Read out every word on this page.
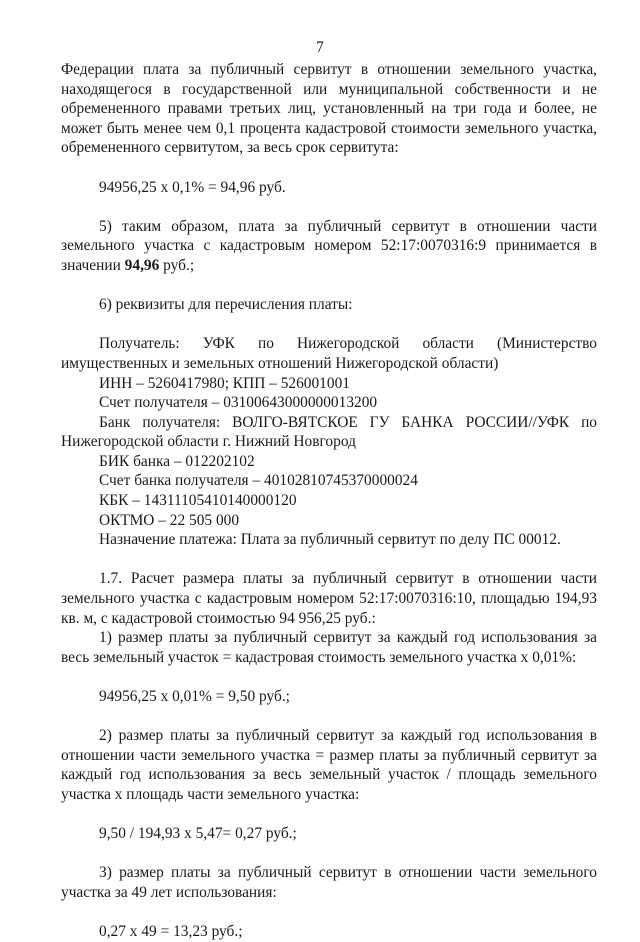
7

Федерации плата за публичный сервитут в отношении земельного участка, находящегося в государственной или муниципальной собственности и не обремененного правами третьих лиц, установленный на три года и более, не может быть менее чем 0,1 процента кадастровой стоимости земельного участка, обремененного сервитутом, за весь срок сервитута:

94956,25 х 0,1% = 94,96 руб.

5) таким образом, плата за публичный сервитут в отношении части земельного участка с кадастровым номером 52:17:0070316:9 принимается в значении 94,96 руб.;

6) реквизиты для перечисления платы:

Получатель: УФК по Нижегородской области (Министерство

имущественных и земельных отношений Нижегородской области)

ИНН – 5260417980; КПП – 526001001

Счет получателя – 03100643000000013200

Банк получателя: ВОЛГО-ВЯТСКОЕ ГУ БАНКА РОССИИ//УФК по

Нижегородской области г. Нижний Новгород

БИК банка – 012202102

Счет банка получателя – 40102810745370000024

КБК – 14311105410140000120

ОКТМО – 22 505 000

Назначение платежа: Плата за публичный сервитут по делу ПС 00012.

1.7. Расчет размера платы за публичный сервитут в отношении части земельного участка с кадастровым номером 52:17:0070316:10, площадью 194,93 кв. м, с кадастровой стоимостью 94 956,25 руб.:

1) размер платы за публичный сервитут за каждый год использования за весь земельный участок = кадастровая стоимость земельного участка х 0,01%:

94956,25 х 0,01% = 9,50 руб.;

2) размер платы за публичный сервитут за каждый год использования в отношении части земельного участка = размер платы за публичный сервитут за каждый год использования за весь земельный участок / площадь земельного участка х площадь части земельного участка:

9,50 / 194,93 х 5,47= 0,27 руб.;

3) размер платы за публичный сервитут в отношении части земельного участка за 49 лет использования:

0,27 х 49 = 13,23 руб.;
